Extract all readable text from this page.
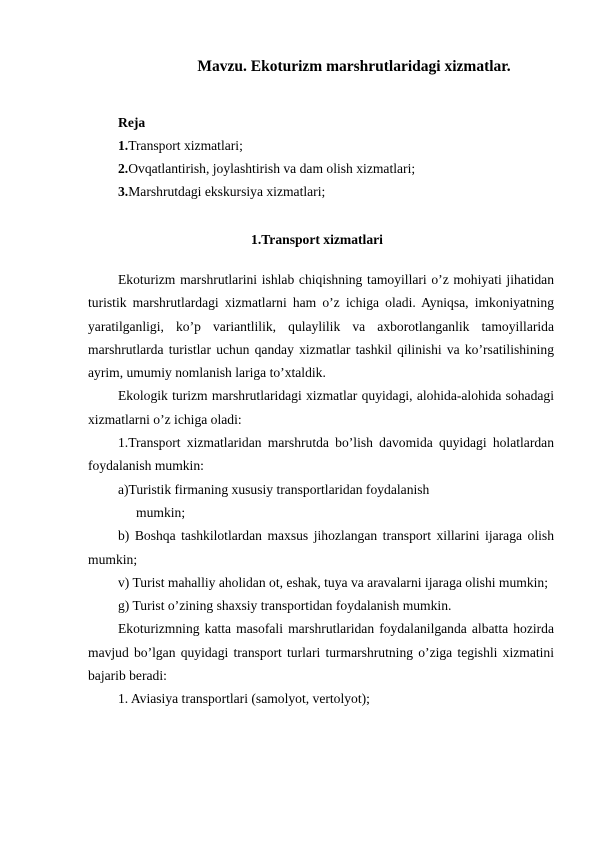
Mavzu. Ekoturizm marshrutlaridagi xizmatlar.
Reja
1.Transport xizmatlari;
2.Ovqatlantirish, joylashtirish va dam olish xizmatlari;
3.Marshrutdagi ekskursiya xizmatlari;
1.Transport xizmatlari

Ekoturizm marshrutlarini ishlab chiqishning tamoyillari o’z mohiyati jihatidan turistik marshrutlardagi xizmatlarni ham o’z ichiga oladi. Ayniqsa, imkoniyatning yaratilganligi, ko’p variantlilik, qulaylilik va axborotlanganlik tamoyillarida marshrutlarda turistlar uchun qanday xizmatlar tashkil qilinishi va ko’rsatilishining ayrim, umumiy nomlanish lariga to’xtaldik.

Ekologik turizm marshrutlaridagi xizmatlar quyidagi, alohida-alohida sohadagi xizmatlarni o’z ichiga oladi:

1.Transport xizmatlaridan marshrutda bo’lish davomida quyidagi holatlardan foydalanish mumkin:

a)Turistik firmaning xususiy transportlaridan foydalanish

mumkin;

b) Boshqa tashkilotlardan maxsus jihozlangan transport xillarini ijaraga olish mumkin;

v) Turist mahalliy aholidan ot, eshak, tuya va aravalarni ijaraga olishi mumkin;

g) Turist o’zining shaxsiy transportidan foydalanish mumkin.

Ekoturizmning katta masofali marshrutlaridan foydalanilganda albatta hozirda mavjud bo’lgan quyidagi transport turlari turmarshrutning o’ziga tegishli xizmatini bajarib beradi:

1. Aviasiya transportlari (samolyot, vertolyot);
